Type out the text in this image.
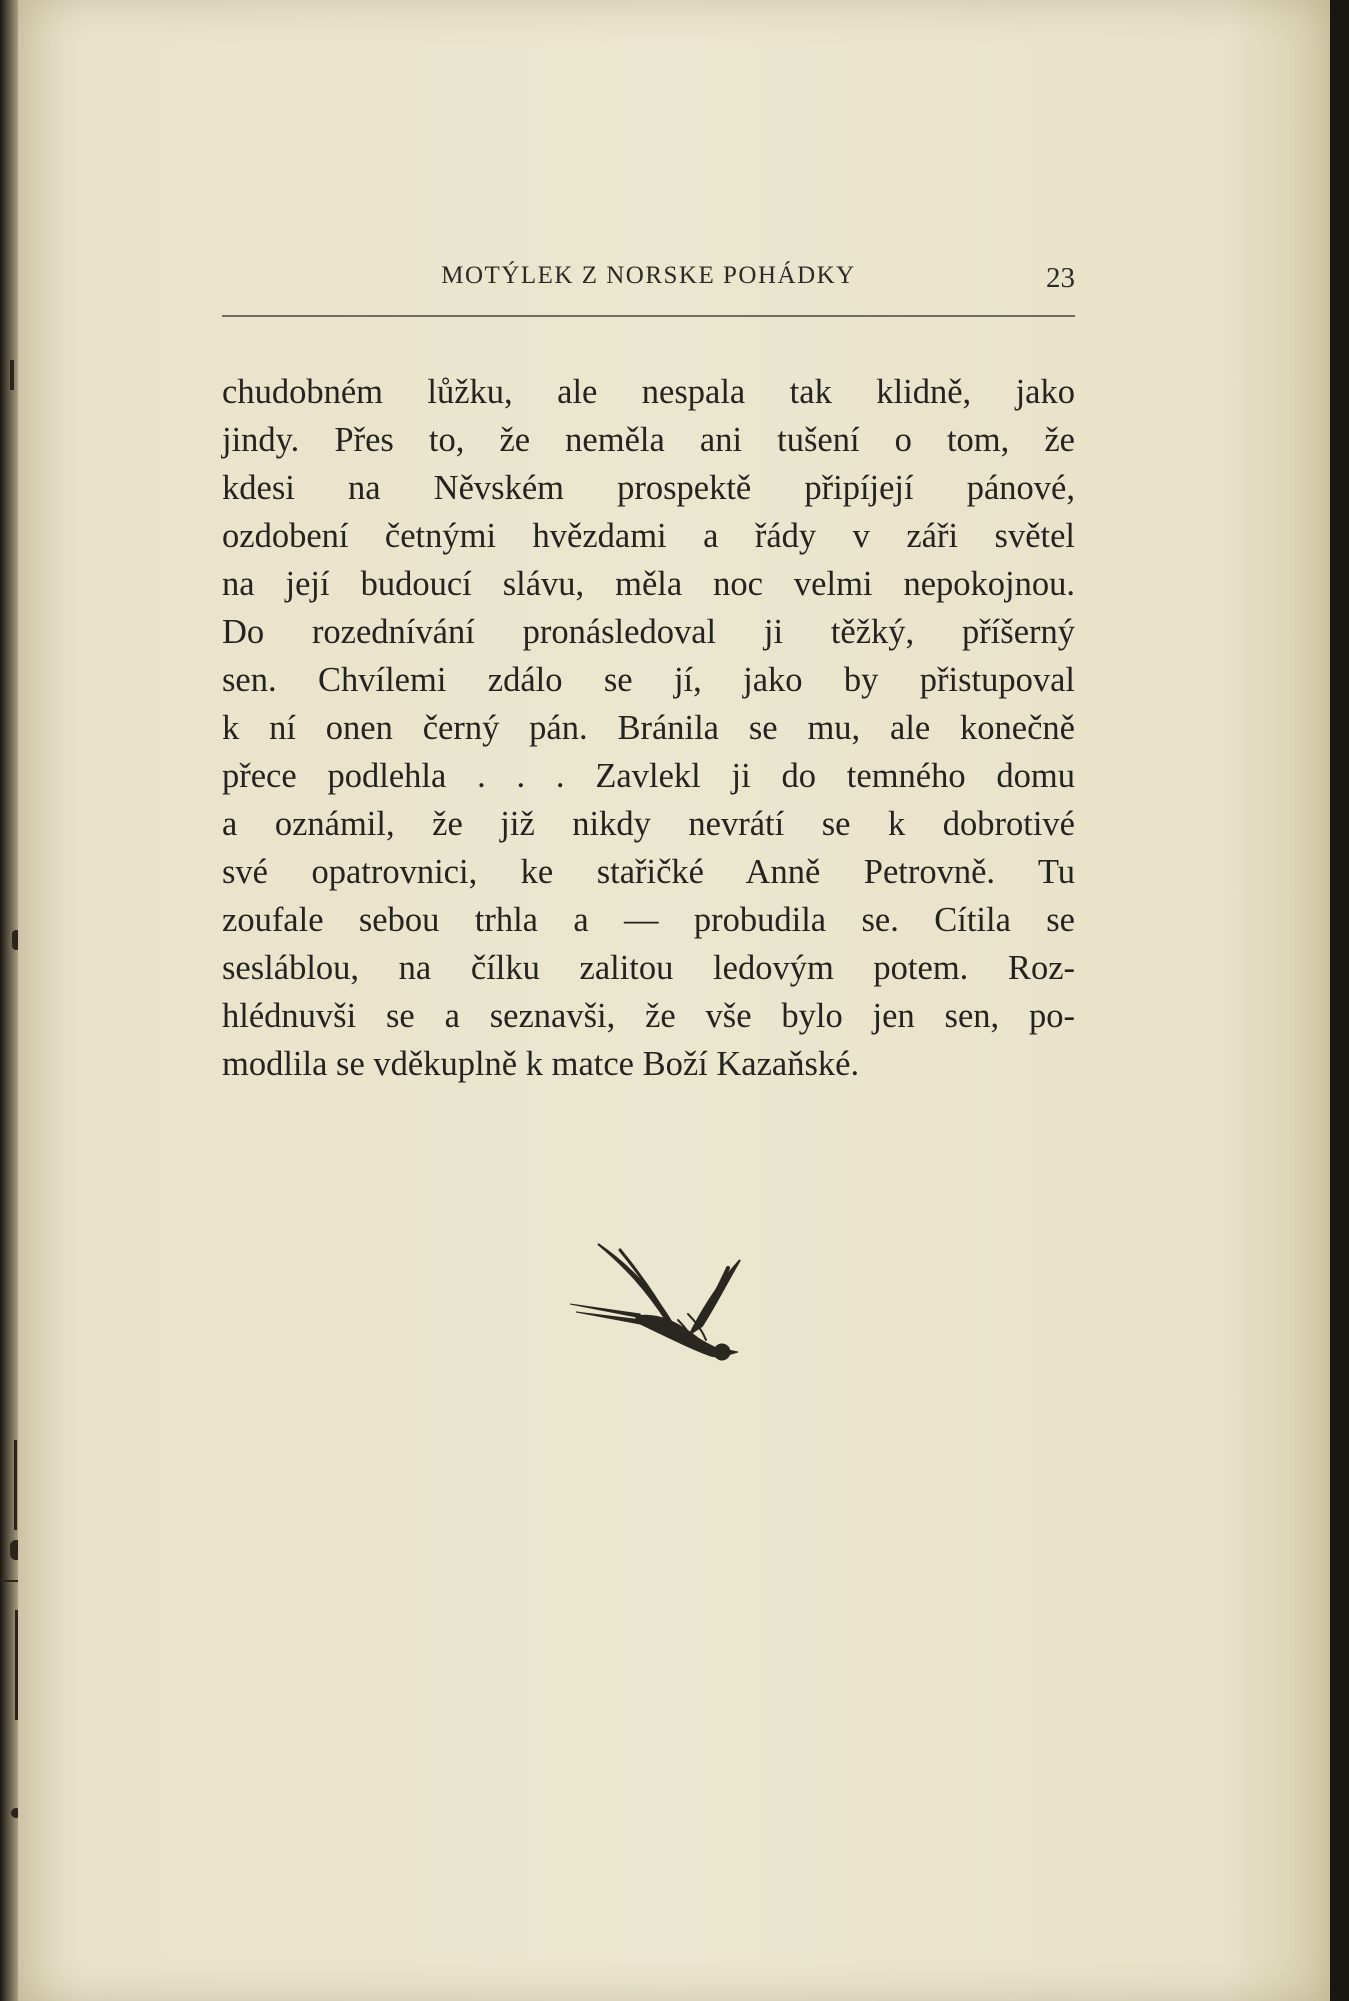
MOTÝLEK Z NORSKE POHÁDKY	23
chudobném lůžku, ale nespala tak klidně, jako
jindy. Přes to, že neměla ani tušení o tom, že
kdesi na Něvském prospektě připíjejí pánové,
ozdobení četnými hvězdami a řády v záři světel
na její budoucí slávu, měla noc velmi nepokojnou.
Do rozednívání pronásledoval ji těžký, příšerný
sen. Chvílemi zdálo se jí, jako by přistupoval
k ní onen černý pán. Bránila se mu, ale konečně
přece podlehla . . . Zavlekl ji do temného domu
a oznámil, že již nikdy nevrátí se k dobrotivé
své opatrovnici, ke stařičké Anně Petrovně. Tu
zoufale sebou trhla a — probudila se. Cítila se
sesláblou, na čílku zalitou ledovým potem. Roz-
hlédnuvši se a seznavši, že vše bylo jen sen, po-
modlila se vděkuplně k matce Boží Kazaňské.
